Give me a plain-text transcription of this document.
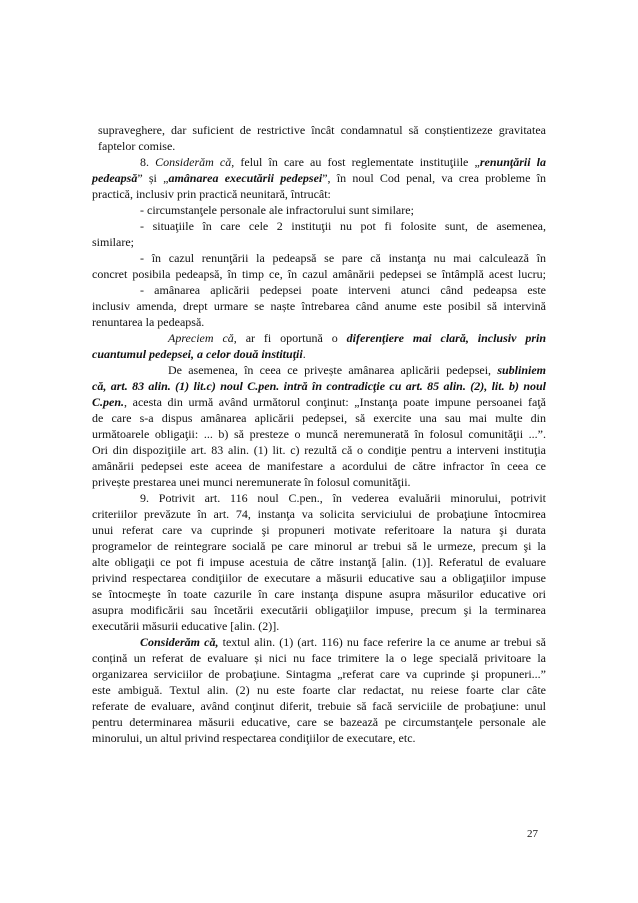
supraveghere, dar suficient de restrictive încât condamnatul să conștientizeze gravitatea
faptelor comise.
8. Considerăm că, felul în care au fost reglementate instituţiile „renunţării la
pedeapsă” și „amânarea executării pedepsei”, în noul Cod penal, va crea probleme în
practică, inclusiv prin practică neunitară, întrucât:
- circumstanţele personale ale infractorului sunt similare;
- situaţiile în care cele 2 instituţii nu pot fi folosite sunt, de asemenea,
similare;
- în cazul renunţării la pedeapsă se pare că instanţa nu mai calculează în
concret posibila pedeapsă, în timp ce, în cazul amânării pedepsei se întâmplă acest lucru;
- amânarea aplicării pedepsei poate interveni atunci când pedeapsa este
inclusiv amenda, drept urmare se naște întrebarea când anume este posibil să intervină
renuntarea la pedeapsă.
Apreciem că, ar fi oportună o diferenţiere mai clară, inclusiv prin
cuantumul pedepsei, a celor două instituţii.
De asemenea, în ceea ce privește amânarea aplicării pedepsei, subliniem
că, art. 83 alin. (1) lit.c) noul C.pen. intră în contradicţie cu art. 85 alin. (2), lit. b) noul
C.pen., acesta din urmă având următorul conţinut: „Instanţa poate impune persoanei faţă
de care s-a dispus amânarea aplicării pedepsei, să exercite una sau mai multe din
următoarele obligaţii: ... b) să presteze o muncă neremunerată în folosul comunităţii ...”.
Ori din dispoziţiile art. 83 alin. (1) lit. c) rezultă că o condiţie pentru a interveni instituţia
amânării pedepsei este aceea de manifestare a acordului de către infractor în ceea ce
privește prestarea unei munci neremunerate în folosul comunităţii.
9. Potrivit art. 116 noul C.pen., în vederea evaluării minorului, potrivit
criteriilor prevăzute în art. 74, instanţa va solicita serviciului de probaţiune întocmirea
unui referat care va cuprinde şi propuneri motivate referitoare la natura şi durata
programelor de reintegrare socială pe care minorul ar trebui să le urmeze, precum şi la
alte obligaţii ce pot fi impuse acestuia de către instanţă [alin. (1)]. Referatul de evaluare
privind respectarea condiţiilor de executare a măsurii educative sau a obligaţiilor impuse
se întocmeşte în toate cazurile în care instanţa dispune asupra măsurilor educative ori
asupra modificării sau încetării executării obligaţiilor impuse, precum şi la terminarea
executării măsurii educative [alin. (2)].
Considerăm că, textul alin. (1) (art. 116) nu face referire la ce anume ar trebui să
conțină un referat de evaluare și nici nu face trimitere la o lege specială privitoare la
organizarea serviciilor de probaţiune. Sintagma „referat care va cuprinde şi propuneri...”
este ambiguă. Textul alin. (2) nu este foarte clar redactat, nu reiese foarte clar câte
referate de evaluare, având conţinut diferit, trebuie să facă serviciile de probaţiune: unul
pentru determinarea măsurii educative, care se bazează pe circumstanţele personale ale
minorului, un altul privind respectarea condiţiilor de executare, etc.
27
